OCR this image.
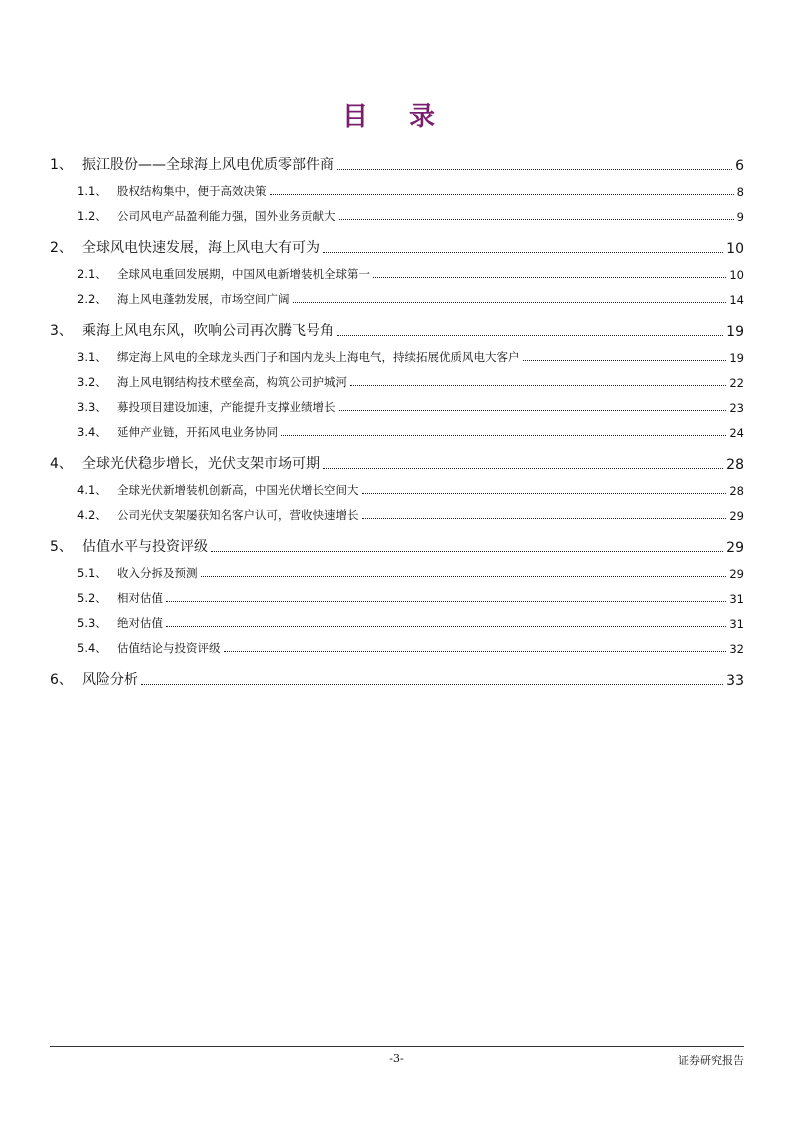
目 录
1、 振江股份——全球海上风电优质零部件商	6
1.1、 股权结构集中，便于高效决策	8
1.2、 公司风电产品盈利能力强，国外业务贡献大	9
2、 全球风电快速发展，海上风电大有可为	10
2.1、 全球风电重回发展期，中国风电新增装机全球第一	10
2.2、 海上风电蓬勃发展，市场空间广阔	14
3、 乘海上风电东风，吹响公司再次腾飞号角	19
3.1、 绑定海上风电的全球龙头西门子和国内龙头上海电气，持续拓展优质风电大客户	19
3.2、 海上风电钢结构技术壁垒高，构筑公司护城河	22
3.3、 募投项目建设加速，产能提升支撑业绩增长	23
3.4、 延伸产业链，开拓风电业务协同	24
4、 全球光伏稳步增长，光伏支架市场可期	28
4.1、 全球光伏新增装机创新高，中国光伏增长空间大	28
4.2、 公司光伏支架屡获知名客户认可，营收快速增长	29
5、 估值水平与投资评级	29
5.1、 收入分拆及预测	29
5.2、 相对估值	31
5.3、 绝对估值	31
5.4、 估值结论与投资评级	32
6、 风险分析	33
-3-	证券研究报告
